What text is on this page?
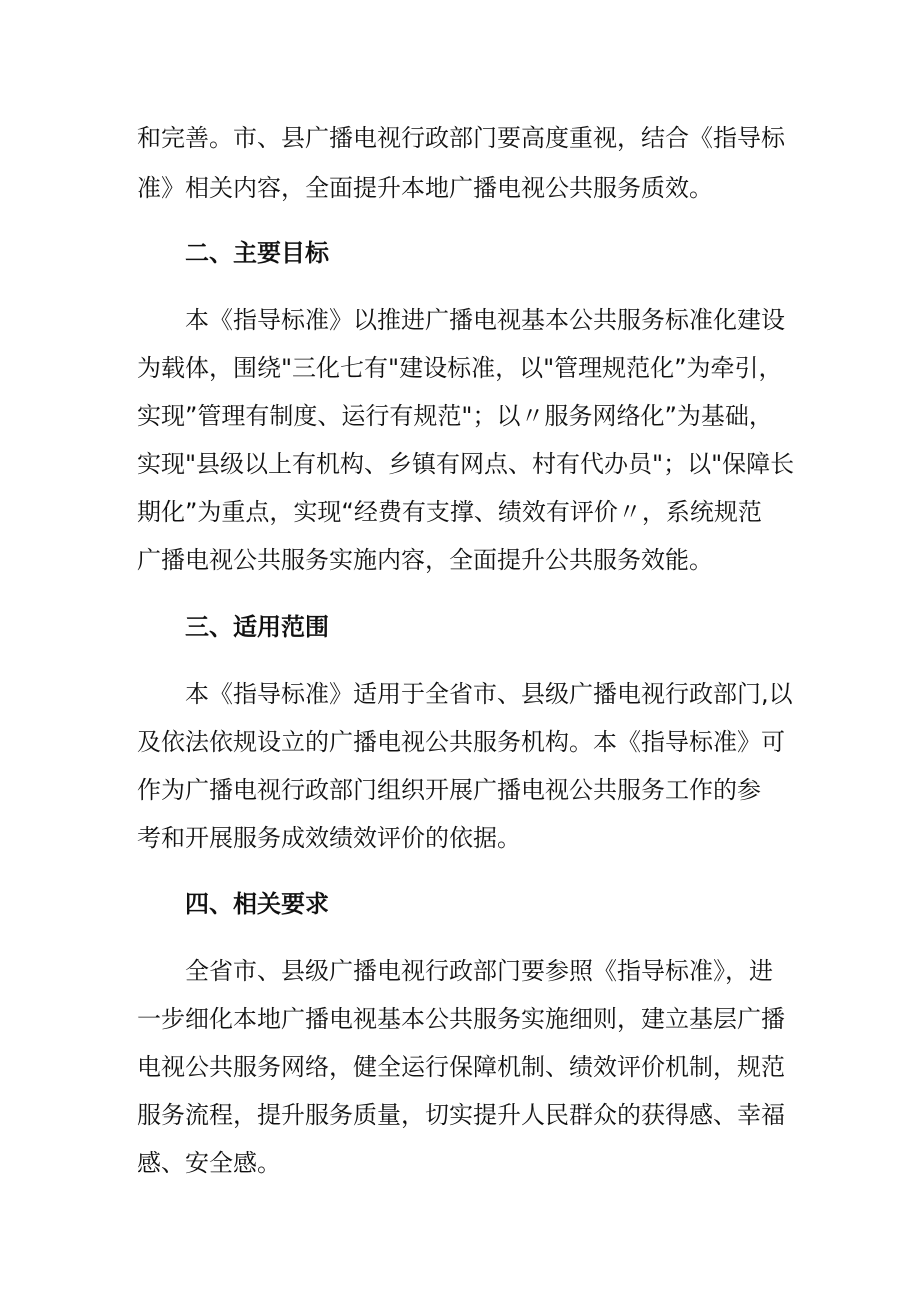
和完善。市、县广播电视行政部门要高度重视，结合《指导标
准》相关内容，全面提升本地广播电视公共服务质效。
二、主要目标
本《指导标准》以推进广播电视基本公共服务标准化建设
为载体，围绕"三化七有"建设标准，以"管理规范化”为牵引，
实现”管理有制度、运行有规范"；以〃服务网络化”为基础，
实现"县级以上有机构、乡镇有网点、村有代办员"；以"保障长
期化”为重点，实现“经费有支撑、绩效有评价〃，系统规范
广播电视公共服务实施内容，全面提升公共服务效能。
三、适用范围
本《指导标准》适用于全省市、县级广播电视行政部门,以
及依法依规设立的广播电视公共服务机构。本《指导标准》可
作为广播电视行政部门组织开展广播电视公共服务工作的参
考和开展服务成效绩效评价的依据。
四、相关要求
全省市、县级广播电视行政部门要参照《指导标准》，进
一步细化本地广播电视基本公共服务实施细则，建立基层广播
电视公共服务网络，健全运行保障机制、绩效评价机制，规范
服务流程，提升服务质量，切实提升人民群众的获得感、幸福
感、安全感。
